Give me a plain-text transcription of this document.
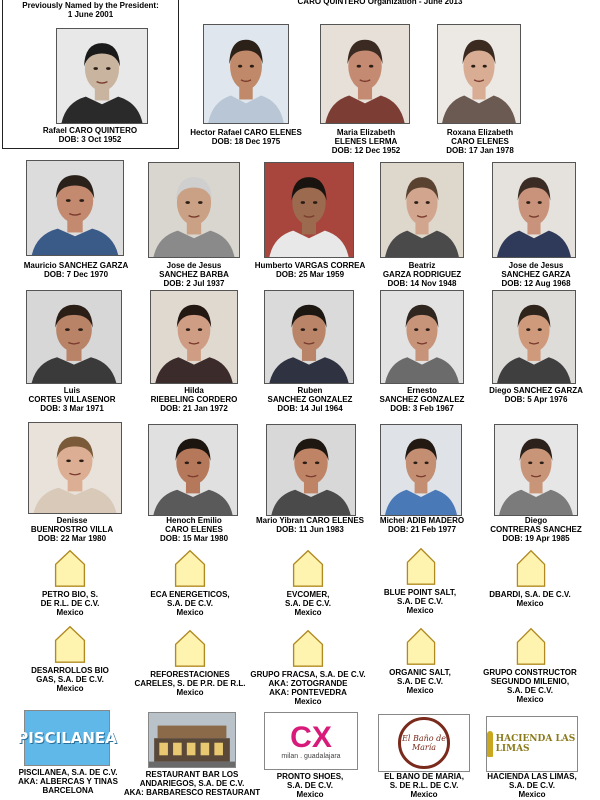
CARO QUINTERO Organization - June 2013
Previously Named by the President:
1 June 2001
Rafael CARO QUINTERO
DOB: 3 Oct 1952
Hector Rafael CARO ELENES
DOB: 18 Dec 1975
Maria Elizabeth
ELENES LERMA
DOB: 12 Dec 1952
Roxana Elizabeth
CARO ELENES
DOB: 17 Jan 1978
Mauricio SANCHEZ GARZA
DOB: 7 Dec 1970
Jose de Jesus
SANCHEZ BARBA
DOB: 2 Jul 1937
Humberto VARGAS CORREA
DOB: 25 Mar 1959
Beatriz
GARZA RODRIGUEZ
DOB: 14 Nov 1948
Jose de Jesus
SANCHEZ GARZA
DOB: 12 Aug 1968
Luis
CORTES VILLASENOR
DOB: 3 Mar 1971
Hilda
RIEBELING CORDERO
DOB: 21 Jan 1972
Ruben
SANCHEZ GONZALEZ
DOB: 14 Jul 1964
Ernesto
SANCHEZ GONZALEZ
DOB: 3 Feb 1967
Diego SANCHEZ GARZA
DOB: 5 Apr 1976
Denisse
BUENROSTRO VILLA
DOB: 22 Mar 1980
Henoch Emilio
CARO ELENES
DOB: 15 Mar 1980
Mario Yibran CARO ELENES
DOB: 11 Jun 1983
Michel ADIB MADERO
DOB: 21 Feb 1977
Diego
CONTRERAS SANCHEZ
DOB: 19 Apr 1985
PETRO BIO, S.
DE R.L. DE C.V.
Mexico
ECA ENERGETICOS,
S.A. DE C.V.
Mexico
EVCOMER,
S.A. DE C.V.
Mexico
BLUE POINT SALT,
S.A. DE C.V.
Mexico
DBARDI, S.A. DE C.V.
Mexico
DESARROLLOS BIO
GAS, S.A. DE C.V.
Mexico
REFORESTACIONES
CARELES, S. DE P.R. DE R.L.
Mexico
GRUPO FRACSA, S.A. DE C.V.
AKA: ZOTOGRANDE
AKA: PONTEVEDRA
Mexico
ORGANIC SALT,
S.A. DE C.V.
Mexico
GRUPO CONSTRUCTOR
SEGUNDO MILENIO,
S.A. DE C.V.
Mexico
PISCILANEA
PISCILANEA, S.A. DE C.V.
AKA: ALBERCAS Y TINAS
BARCELONA
RESTAURANT BAR LOS
ANDARIEGOS, S.A. DE C.V.
AKA: BARBARESCO RESTAURANT
CX
milan . guadalajara
PRONTO SHOES,
S.A. DE C.V.
Mexico
El Baño de María
EL BANO DE MARIA,
S. DE R.L. DE C.V.
Mexico
HACIENDA LAS LIMAS
HACIENDA LAS LIMAS,
S.A. DE C.V.
Mexico
